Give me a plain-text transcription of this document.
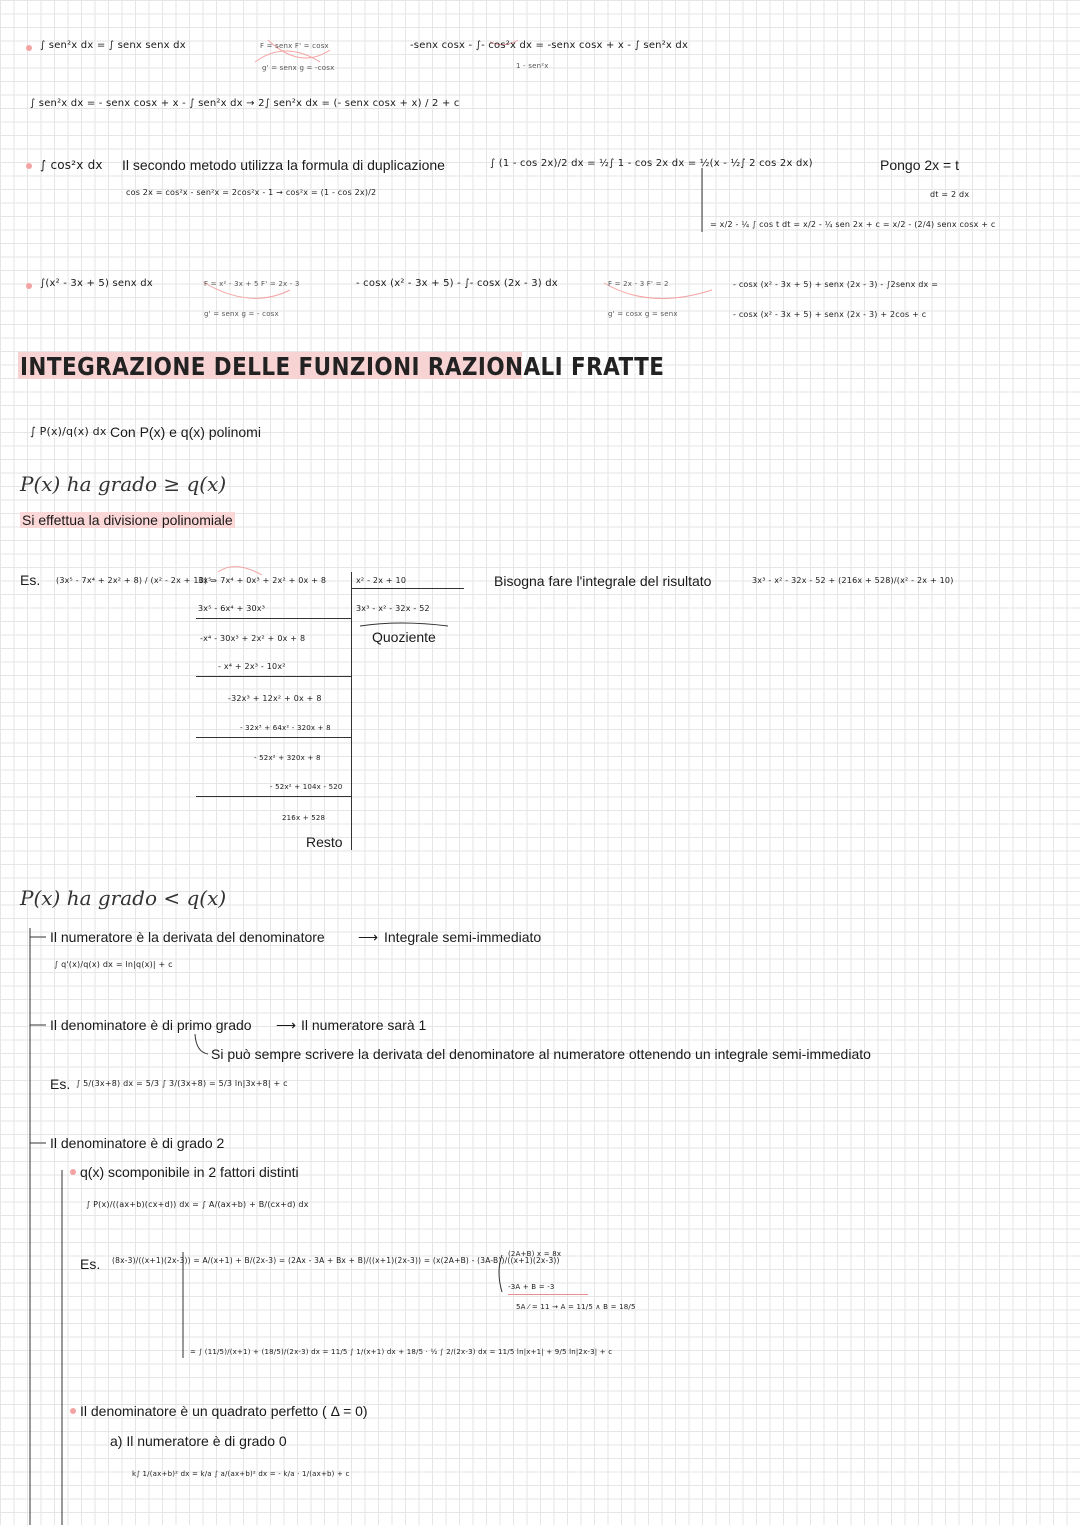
∫ sen²x dx = ∫ senx senx dx	F = senx F' = cosx
g' = senx g = -cosx
-senx cosx - ∫- cos²x dx = -senx cosx + x - ∫ sen²x dx
1 - sen²x
∫ sen²x dx = - senx cosx + x - ∫ sen²x dx → 2∫ sen²x dx = (- senx cosx + x) / 2 + c
∫ cos²x dx Il secondo metodo utilizza la formula di duplicazione	∫ (1 - cos 2x)/2 dx = ½∫ 1 - cos 2x dx = ½(x - ½∫ 2 cos 2x dx)	Pongo 2x = t
dt = 2 dx
cos 2x = cos²x - sen²x = 2cos²x - 1 → cos²x = (1 - cos 2x)/2
= x/2 - ¼ ∫ cos t dt = x/2 - ¼ sen 2x + c = x/2 - (2/4) senx cosx + c
∫(x² - 3x + 5) senx dx	F = x² - 3x + 5 F' = 2x - 3
g' = senx g = - cosx
- cosx (x² - 3x + 5) - ∫- cosx (2x - 3) dx	F = 2x - 3 F' = 2
g' = cosx g = senx
- cosx (x² - 3x + 5) + senx (2x - 3) - ∫2senx dx =
- cosx (x² - 3x + 5) + senx (2x - 3) + 2cos + c
INTEGRAZIONE DELLE FUNZIONI RAZIONALI FRATTE
∫ P(x)/q(x) dx Con P(x) e q(x) polinomi
P(x) ha grado ≥ q(x)
Si effettua la divisione polinomiale
Es. (3x⁵ - 7x⁴ + 2x² + 8) / (x² - 2x + 10) =
3x⁵ - 7x⁴ + 0x³ + 2x² + 0x + 8
3x⁵ - 6x⁴ + 30x³
-x⁴ - 30x³ + 2x² + 0x + 8
- x⁴ + 2x³ - 10x²
-32x³ + 12x² + 0x + 8
- 32x³ + 64x² - 320x + 8
- 52x² + 320x + 8
- 52x² + 104x - 520
216x + 528
Resto
x² - 2x + 10
3x³ - x² - 32x - 52
Quoziente
Bisogna fare l'integrale del risultato	3x³ - x² - 32x - 52 + (216x + 528)/(x² - 2x + 10)
P(x) ha grado < q(x)
Il numeratore è la derivata del denominatore ⟶ Integrale semi-immediato
∫ q'(x)/q(x) dx = ln|q(x)| + c
Il denominatore è di primo grado ⟶ Il numeratore sarà 1
Si può sempre scrivere la derivata del denominatore al numeratore ottenendo un integrale semi-immediato
Es. ∫ 5/(3x+8) dx = 5/3 ∫ 3/(3x+8) = 5/3 ln|3x+8| + c
Il denominatore è di grado 2
q(x) scomponibile in 2 fattori distinti
∫ P(x)/((ax+b)(cx+d)) dx = ∫ A/(ax+b) + B/(cx+d) dx
Es. (8x-3)/((x+1)(2x-3)) = A/(x+1) + B/(2x-3) = (2Ax - 3A + Bx + B)/((x+1)(2x-3)) = (x(2A+B) - (3A-B))/((x+1)(2x-3))
(2A+B) x = 8x
-3A + B = -3
5A ⁄ = 11 → A = 11/5 ∧ B = 18/5
= ∫ (11/5)/(x+1) + (18/5)/(2x-3) dx = 11/5 ∫ 1/(x+1) dx + 18/5 · ½ ∫ 2/(2x-3) dx = 11/5 ln|x+1| + 9/5 ln|2x-3| + c
Il denominatore è un quadrato perfetto ( Δ = 0)
a) Il numeratore è di grado 0
k∫ 1/(ax+b)² dx = k/a ∫ a/(ax+b)² dx = - k/a · 1/(ax+b) + c
